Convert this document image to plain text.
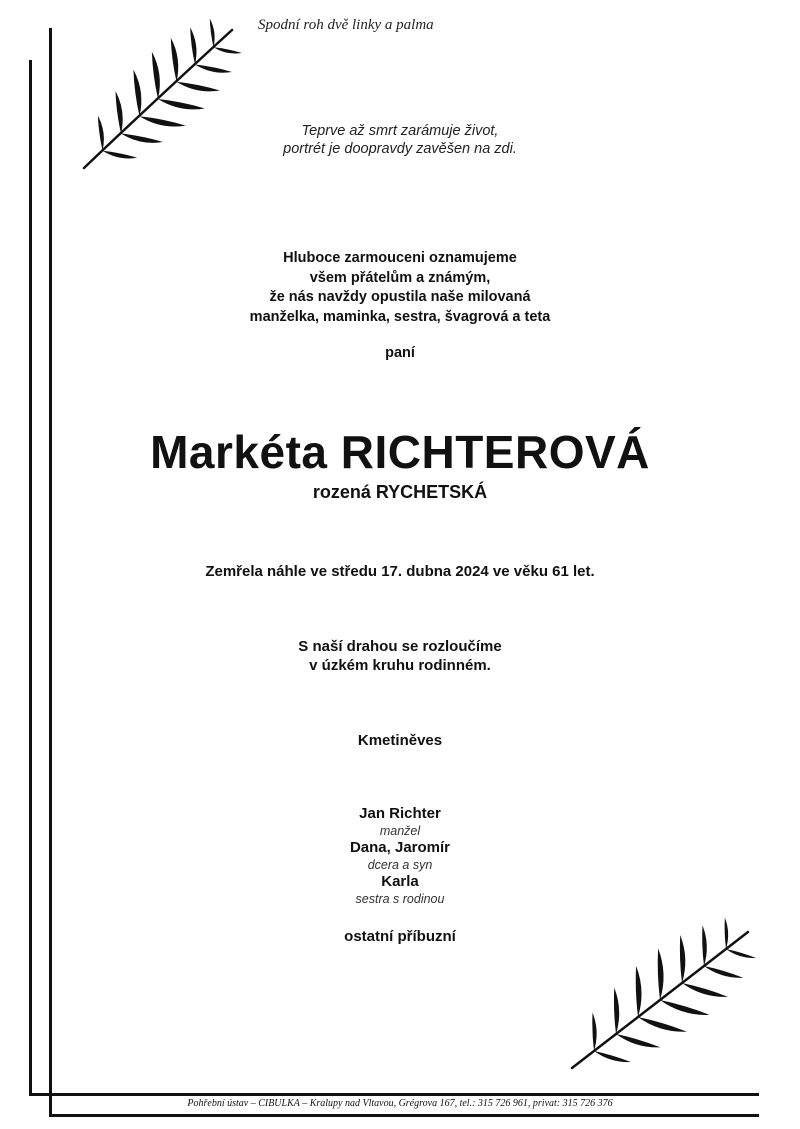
Spodní roh dvě linky a palma
Teprve až smrt zarámuje život,
portrét je doopravdy zavěšen na zdi.
Hluboce zarmouceni oznamujeme
všem přátelům a známým,
že nás navždy opustila naše milovaná
manželka, maminka, sestra, švagrová a teta
paní
Markéta RICHTEROVÁ
rozená RYCHETSKÁ
Zemřela náhle ve středu 17. dubna 2024 ve věku 61 let.
S naší drahou se rozloučíme
v úzkém kruhu rodinném.
Kmetiněves
Jan Richter
manžel
Dana, Jaromír
dcera a syn
Karla
sestra s rodinou
ostatní příbuzní
Pohřební ústav – CIBULKA – Kralupy nad Vltavou, Grégrova 167, tel.: 315 726 961, privat: 315 726 376
